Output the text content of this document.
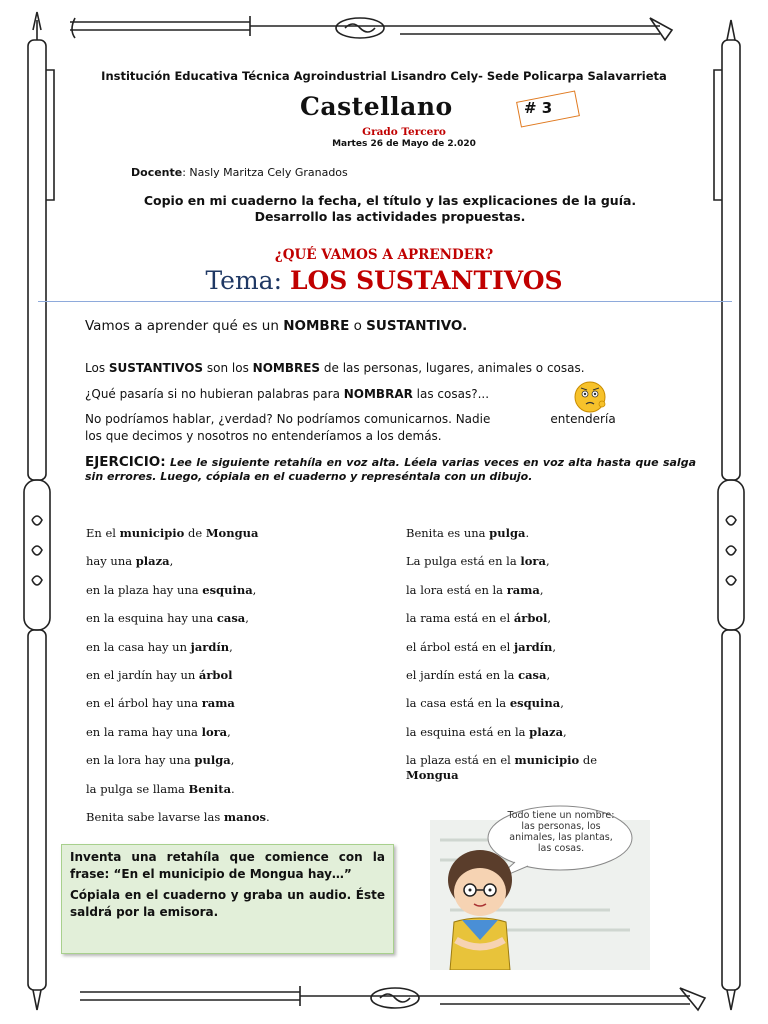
Institución Educativa Técnica Agroindustrial Lisandro Cely- Sede Policarpa Salavarrieta
Castellano	# 3
Grado Tercero
Martes 26 de Mayo de 2.020
Docente: Nasly Maritza Cely Granados
Copio en mi cuaderno la fecha, el título y las explicaciones de la guía.
Desarrollo las actividades propuestas.
¿QUÉ VAMOS A APRENDER?
Tema: LOS SUSTANTIVOS
Vamos a aprender qué es un NOMBRE o SUSTANTIVO.
Los SUSTANTIVOS son los NOMBRES de las personas, lugares, animales o cosas.
¿Qué pasaría si no hubieran palabras para NOMBRAR las cosas?...
No podríamos hablar, ¿verdad? No podríamos comunicarnos. Nadie	entendería
los que decimos y nosotros no entenderíamos a los demás.
EJERCICIO: Lee le siguiente retahíla en voz alta. Léela varias veces en voz alta hasta que salga sin errores. Luego, cópiala en el cuaderno y represéntala con un dibujo.
En el municipio de Mongua
hay una plaza,
en la plaza hay una esquina,
en la esquina hay una casa,
en la casa hay un jardín,
en el jardín hay un árbol
en el árbol hay una rama
en la rama hay una lora,
en la lora hay una pulga,
la pulga se llama Benita.
Benita sabe lavarse las manos.
Benita es una pulga.
La pulga está en la lora,
la lora está en la rama,
la rama está en el árbol,
el árbol está en el jardín,
el jardín está en la casa,
la casa está en la esquina,
la esquina está en la plaza,
la plaza está en el municipio de
Mongua

Inventa una retahíla que comience con la frase: “En el municipio de Mongua hay…”

Cópiala en el cuaderno y graba un audio. Éste saldrá por la emisora.

Todo tiene un nombre: las personas, los animales, las plantas, las cosas.
